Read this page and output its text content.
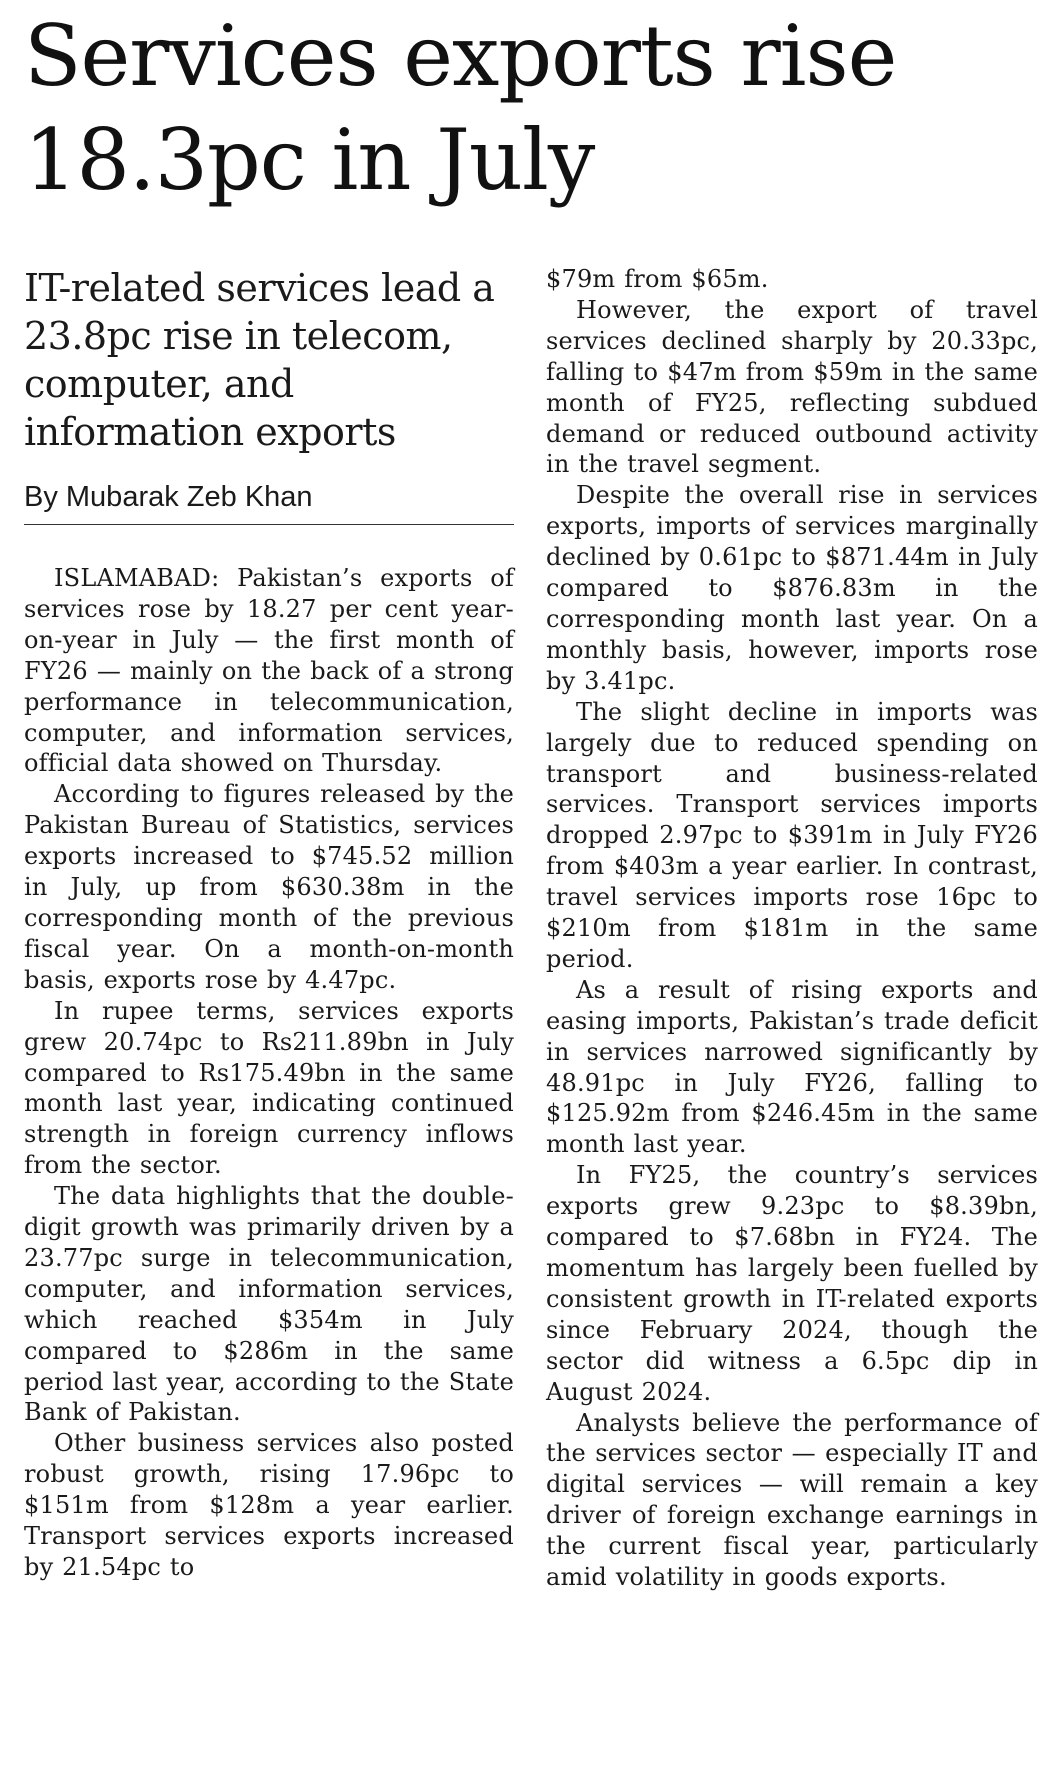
Services exports rise 18.3pc in July
IT-related services lead a 23.8pc rise in telecom, computer, and information exports
By Mubarak Zeb Khan

ISLAMABAD: Pakistan’s exports of services rose by 18.27 per cent year-on-year in July — the first month of FY26 — mainly on the back of a strong performance in telecommunication, computer, and information services, official data showed on Thursday.

According to figures released by the Pakistan Bureau of Statistics, services exports increased to $745.52 million in July, up from $630.38m in the corresponding month of the previous fiscal year. On a month-on-month basis, exports rose by 4.47pc.

In rupee terms, services exports grew 20.74pc to Rs211.89bn in July compared to Rs175.49bn in the same month last year, indicating continued strength in foreign currency inflows from the sector.

The data highlights that the double-digit growth was primarily driven by a 23.77pc surge in telecommunication, computer, and information services, which reached $354m in July compared to $286m in the same period last year, according to the State Bank of Pakistan.

Other business services also posted robust growth, rising 17.96pc to $151m from $128m a year earlier. Transport services exports increased by 21.54pc to

$79m from $65m.

However, the export of travel services declined sharply by 20.33pc, falling to $47m from $59m in the same month of FY25, reflecting subdued demand or reduced outbound activity in the travel segment.

Despite the overall rise in services exports, imports of services marginally declined by 0.61pc to $871.44m in July compared to $876.83m in the corresponding month last year. On a monthly basis, however, imports rose by 3.41pc.

The slight decline in imports was largely due to reduced spending on transport and business-related services. Transport services imports dropped 2.97pc to $391m in July FY26 from $403m a year earlier. In contrast, travel services imports rose 16pc to $210m from $181m in the same period.

As a result of rising exports and easing imports, Pakistan’s trade deficit in services narrowed significantly by 48.91pc in July FY26, falling to $125.92m from $246.45m in the same month last year.

In FY25, the country’s services exports grew 9.23pc to $8.39bn, compared to $7.68bn in FY24. The momentum has largely been fuelled by consistent growth in IT-related exports since February 2024, though the sector did witness a 6.5pc dip in August 2024.

Analysts believe the performance of the services sector — especially IT and digital services — will remain a key driver of foreign exchange earnings in the current fiscal year, particularly amid volatility in goods exports.
